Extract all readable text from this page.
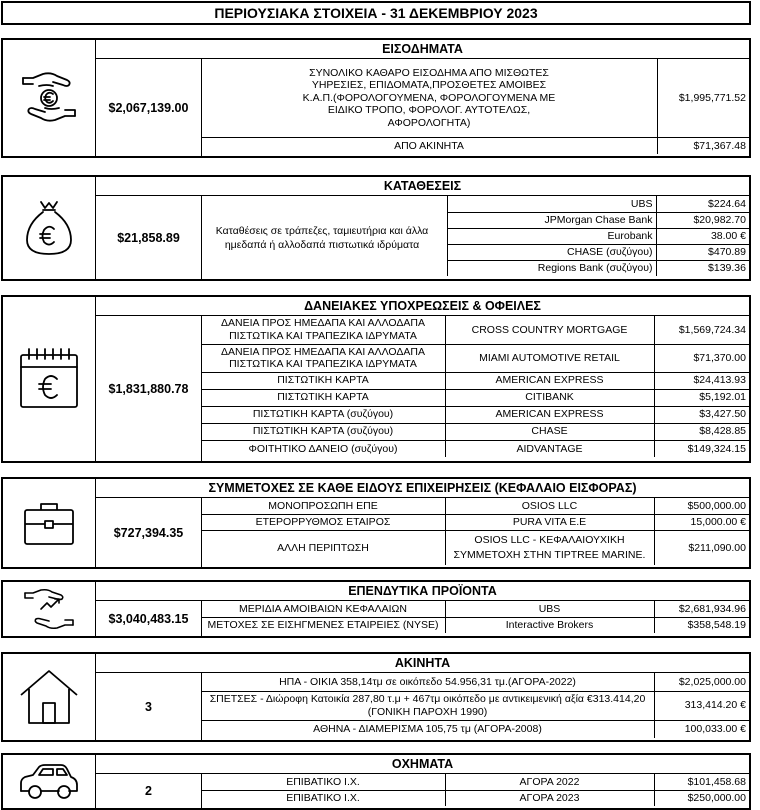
ΠΕΡΙΟΥΣΙΑΚΑ ΣΤΟΙΧΕΙΑ - 31 ΔΕΚΕΜΒΡΙΟΥ 2023
ΕΙΣΟΔΗΜΑΤΑ
$2,067,139.00
ΣΥΝΟΛΙΚΟ ΚΑΘΑΡΟ ΕΙΣΟΔΗΜΑ ΑΠΟ ΜΙΣΘΩΤΕΣ ΥΗΡΕΣΙΕΣ, ΕΠΙΔΟΜΑΤΑ,ΠΡΟΣΘΕΤΕΣ ΑΜΟΙΒΕΣ Κ.Α.Π.(ΦΟΡΟΛΟΓΟΥΜΕΝΑ, ΦΟΡΟΛΟΓΟΥΜΕΝΑ ΜΕ ΕΙΔΙΚΟ ΤΡΟΠΟ, ΦΟΡΟΛΟΓ. ΑΥΤΟΤΕΛΩΣ, ΑΦΟΡΟΛΟΓΗΤΑ)	$1,995,771.52
ΑΠΟ ΑΚΙΝΗΤΑ	$71,367.48
ΚΑΤΑΘΕΣΕΙΣ
$21,858.89	Καταθέσεις σε τράπεζες, ταμιευτήρια και άλλα ημεδαπά ή αλλοδαπά πιστωτικά ιδρύματα
UBS	$224.64
JPMorgan Chase Bank	$20,982.70
Eurobank	38.00 €
CHASE (συζύγου)	$470.89
Regions Bank (συζύγου)	$139.36
ΔΑΝΕΙΑΚΕΣ ΥΠΟΧΡΕΩΣΕΙΣ & ΟΦΕΙΛΕΣ
$1,831,880.78
ΔΑΝΕΙΑ ΠΡΟΣ ΗΜΕΔΑΠΑ ΚΑΙ ΑΛΛΟΔΑΠΑ ΠΙΣΤΩΤΙΚΑ ΚΑΙ ΤΡΑΠΕΖΙΚΑ ΙΔΡΥΜΑΤΑ	CROSS COUNTRY MORTGAGE	$1,569,724.34
ΔΑΝΕΙΑ ΠΡΟΣ ΗΜΕΔΑΠΑ ΚΑΙ ΑΛΛΟΔΑΠΑ ΠΙΣΤΩΤΙΚΑ ΚΑΙ ΤΡΑΠΕΖΙΚΑ ΙΔΡΥΜΑΤΑ	MIAMI AUTOMOTIVE RETAIL	$71,370.00
ΠΙΣΤΩΤΙΚΗ ΚΑΡΤΑ	AMERICAN EXPRESS	$24,413.93
ΠΙΣΤΩΤΙΚΗ ΚΑΡΤΑ	CITIBANK	$5,192.01
ΠΙΣΤΩΤΙΚΗ ΚΑΡΤΑ (συζύγου)	AMERICAN EXPRESS	$3,427.50
ΠΙΣΤΩΤΙΚΗ ΚΑΡΤΑ (συζύγου)	CHASE	$8,428.85
ΦΟΙΤΗΤΙΚΟ ΔΑΝΕΙΟ (συζύγου)	AIDVANTAGE	$149,324.15
ΣΥΜΜΕΤΟΧΕΣ ΣΕ ΚΑΘΕ ΕΙΔΟΥΣ ΕΠΙΧΕΙΡΗΣΕΙΣ (ΚΕΦΑΛΑΙΟ ΕΙΣΦΟΡΑΣ)
$727,394.35
ΜΟΝΟΠΡΟΣΩΠΗ ΕΠΕ	OSIOS LLC	$500,000.00
ΕΤΕΡΟΡΡΥΘΜΟΣ ΕΤΑΙΡΟΣ	PURA VITA E.E	15,000.00 €
ΑΛΛΗ ΠΕΡΙΠΤΩΣΗ	OSIOS LLC - ΚΕΦΑΛΑΙΟΥΧΙΚΗ ΣΥΜΜΕΤΟΧΗ ΣΤΗΝ TIPTREE MARINE.	$211,090.00
ΕΠΕΝΔΥΤΙΚΑ ΠΡΟΪΟΝΤΑ
$3,040,483.15
ΜΕΡΙΔΙΑ ΑΜΟΙΒΑΙΩΝ ΚΕΦΑΛΑΙΩΝ	UBS	$2,681,934.96
ΜΕΤΟΧΕΣ ΣΕ ΕΙΣΗΓΜΕΝΕΣ ΕΤΑΙΡΕΙΕΣ (NYSE)	Interactive Brokers	$358,548.19
ΑΚΙΝΗΤΑ
3
ΗΠΑ - ΟΙΚΙΑ 358,14τμ σε οικόπεδο 54.956,31 τμ.(ΑΓΟΡΑ-2022)	$2,025,000.00
ΣΠΕΤΣΕΣ - Διώροφη Κατοικία 287,80 τ.μ + 467τμ οικόπεδο με αντικειμενική αξία €313.414,20 (ΓΟΝΙΚΗ ΠΑΡΟΧΗ 1990)	313,414.20 €
ΑΘΗΝΑ - ΔΙΑΜΕΡΙΣΜΑ 105,75 τμ (ΑΓΟΡΑ-2008)	100,033.00 €
ΟΧΗΜΑΤΑ
2
ΕΠΙΒΑΤΙΚΟ Ι.Χ.	ΑΓΟΡΑ 2022	$101,458.68
ΕΠΙΒΑΤΙΚΟ Ι.Χ.	ΑΓΟΡΑ 2023	$250,000.00
